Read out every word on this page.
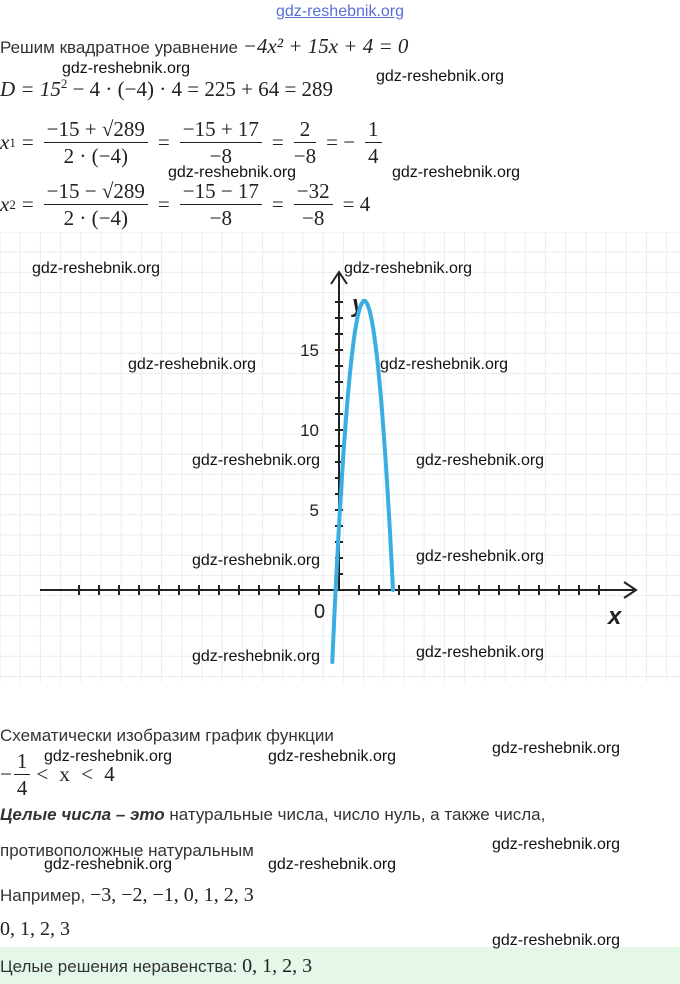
gdz-reshebnik.org
Решим квадратное уравнение −4x² + 15x + 4 = 0
$D = 15^2 - 4 \cdot (-4) \cdot 4 = 225 + 64 = 289$
x $1 = \frac{-15 + √289}{2 \cdot (-4)} = \frac{-15 + 17}{-8} = \frac{2}{-8}$ = − $\frac{1}{4}$
x $2 = \frac{-15 - √289}{2 \cdot (-4)} = \frac{-15 - 17}{-8} = \frac{-32}{-8} = 4$
5
10
15
y
x
0
Схематически изобразим график функции
− $\frac{1}{4} < x < 4$
Целые числа – это натуральные числа, число нуль, а также числа,
противоположные натуральным
Например, −3, −2, −1, 0, 1, 2, 3
0, 1, 2, 3
Целые решения неравенства: 0, 1, 2, 3
gdz-reshebnik.org	gdz-reshebnik.org
gdz-reshebnik.org	gdz-reshebnik.org
gdz-reshebnik.org	gdz-reshebnik.org
gdz-reshebnik.org	gdz-reshebnik.org
gdz-reshebnik.org	gdz-reshebnik.org
gdz-reshebnik.org	gdz-reshebnik.org
gdz-reshebnik.org	gdz-reshebnik.org
gdz-reshebnik.org	gdz-reshebnik.org	gdz-reshebnik.org
gdz-reshebnik.org
gdz-reshebnik.org	gdz-reshebnik.org
gdz-reshebnik.org
